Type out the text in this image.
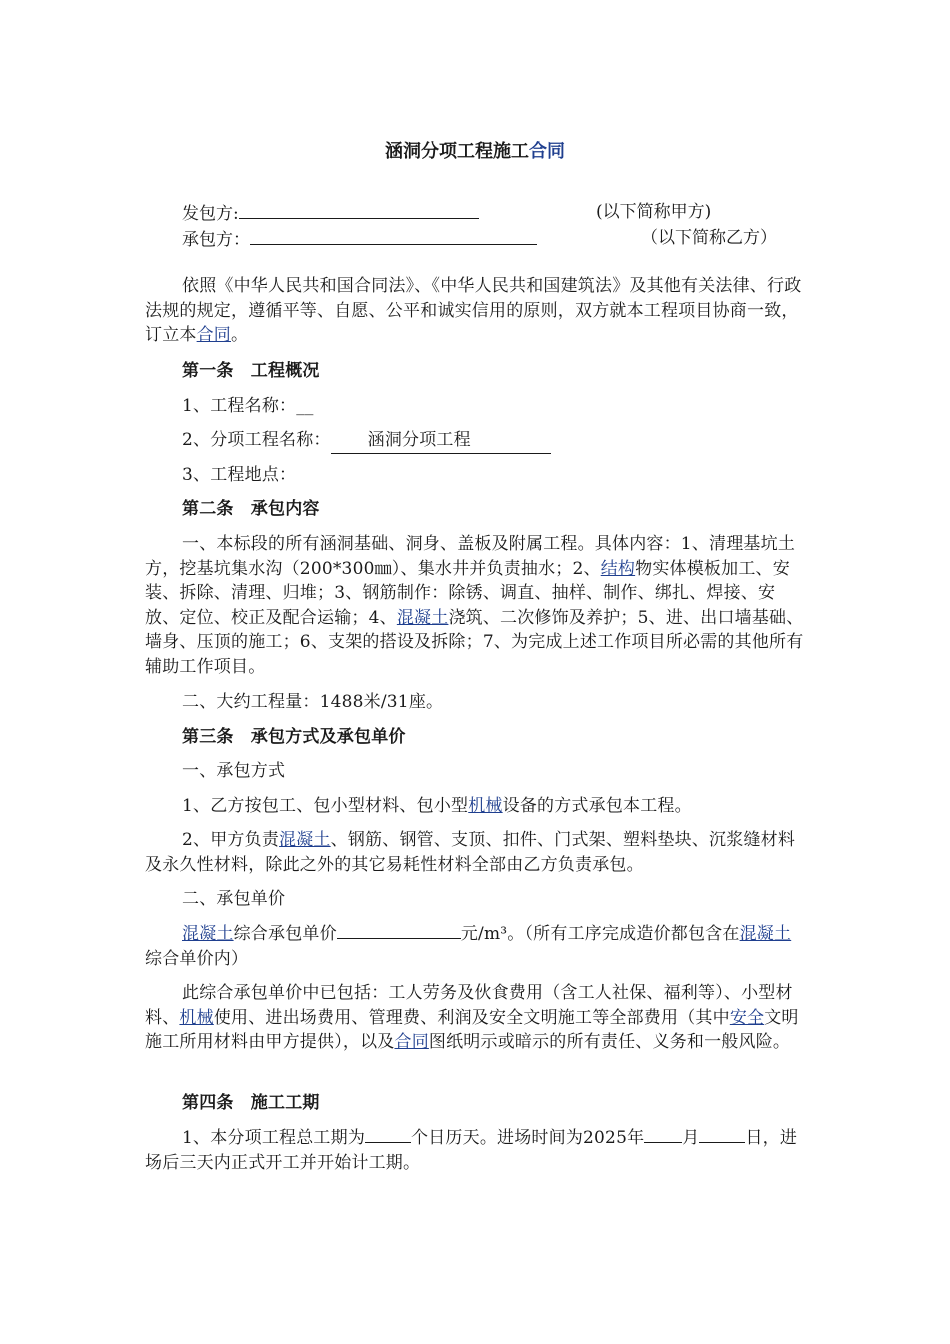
涵洞分项工程施工合同
发包方:	(以下简称甲方)
承包方：	（以下简称乙方）

依照《中华人民共和国合同法》、《中华人民共和国建筑法》及其他有关法律、行政法规的规定，遵循平等、自愿、公平和诚实信用的原则，双方就本工程项目协商一致，订立本合同。

第一条　工程概况

1、工程名称：__

2、分项工程名称： 涵洞分项工程

3、工程地点：

第二条　承包内容

一、本标段的所有涵洞基础、洞身、盖板及附属工程。具体内容：1、清理基坑土方，挖基坑集水沟（200*300㎜）、集水井并负责抽水；2、结构物实体模板加工、安装、拆除、清理、归堆；3、钢筋制作：除锈、调直、抽样、制作、绑扎、焊接、安放、定位、校正及配合运输；4、混凝土浇筑、二次修饰及养护；5、进、出口墙基础、墙身、压顶的施工；6、支架的搭设及拆除；7、为完成上述工作项目所必需的其他所有辅助工作项目。

二、大约工程量：1488米/31座。

第三条　承包方式及承包单价

一、承包方式

1、乙方按包工、包小型材料、包小型机械设备的方式承包本工程。

2、甲方负责混凝土、钢筋、钢管、支顶、扣件、门式架、塑料垫块、沉浆缝材料及永久性材料，除此之外的其它易耗性材料全部由乙方负责承包。

二、承包单价

混凝土综合承包单价	元/m³。（所有工序完成造价都包含在混凝土综合单价内）

此综合承包单价中已包括：工人劳务及伙食费用（含工人社保、福利等）、小型材料、机械使用、进出场费用、管理费、利润及安全文明施工等全部费用（其中安全文明施工所用材料由甲方提供），以及合同图纸明示或暗示的所有责任、义务和一般风险。

第四条　施工工期

1、本分项工程总工期为	个日历天。进场时间为2025年 月	日，进场后三天内正式开工并开始计工期。
